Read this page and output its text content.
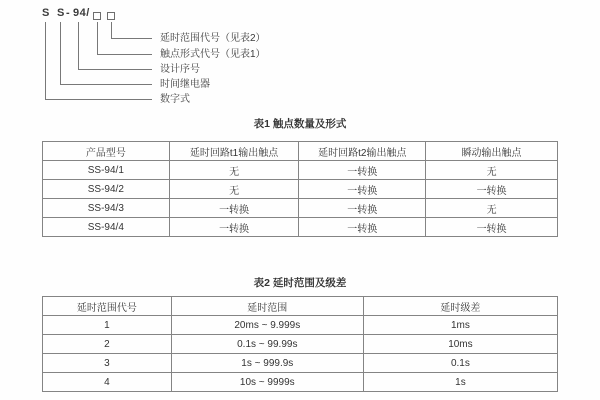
S S - 94/
延时范围代号（见表2）
触点形式代号（见表1）
设计序号
时间继电器
数字式
表1 触点数量及形式
产品型号	延时回路t1输出触点	延时回路t2输出触点	瞬动输出触点
SS-94/1	无	一转换	无
SS-94/2	无	一转换	一转换
SS-94/3	一转换	一转换	无
SS-94/4	一转换	一转换	一转换
表2 延时范围及级差
延时范围代号	延时范围	延时级差
1	20ms ~ 9.999s	1ms
2	0.1s ~ 99.99s	10ms
3	1s ~ 999.9s	0.1s
4	10s ~ 9999s	1s
